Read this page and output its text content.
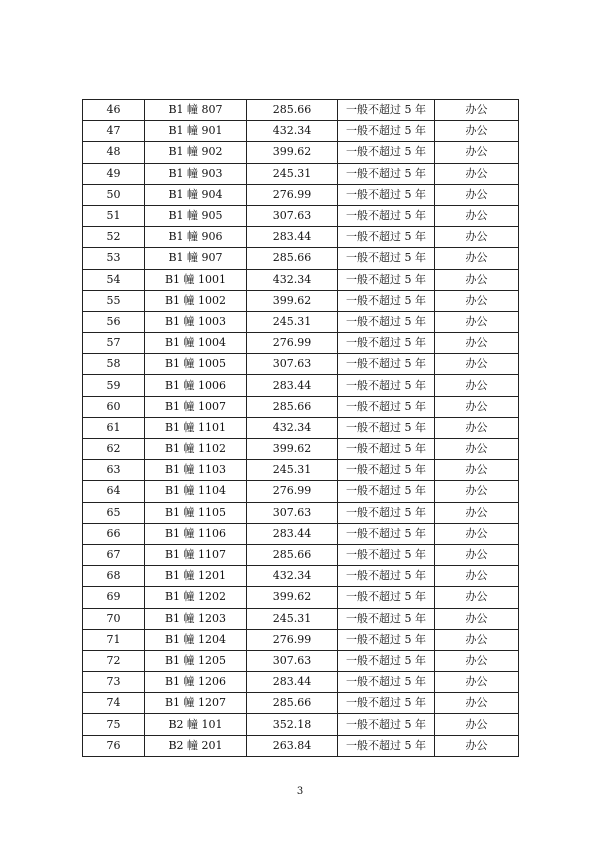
46	B1 幢 807	285.66	一般不超过 5 年	办公
47	B1 幢 901	432.34	一般不超过 5 年	办公
48	B1 幢 902	399.62	一般不超过 5 年	办公
49	B1 幢 903	245.31	一般不超过 5 年	办公
50	B1 幢 904	276.99	一般不超过 5 年	办公
51	B1 幢 905	307.63	一般不超过 5 年	办公
52	B1 幢 906	283.44	一般不超过 5 年	办公
53	B1 幢 907	285.66	一般不超过 5 年	办公
54	B1 幢 1001	432.34	一般不超过 5 年	办公
55	B1 幢 1002	399.62	一般不超过 5 年	办公
56	B1 幢 1003	245.31	一般不超过 5 年	办公
57	B1 幢 1004	276.99	一般不超过 5 年	办公
58	B1 幢 1005	307.63	一般不超过 5 年	办公
59	B1 幢 1006	283.44	一般不超过 5 年	办公
60	B1 幢 1007	285.66	一般不超过 5 年	办公
61	B1 幢 1101	432.34	一般不超过 5 年	办公
62	B1 幢 1102	399.62	一般不超过 5 年	办公
63	B1 幢 1103	245.31	一般不超过 5 年	办公
64	B1 幢 1104	276.99	一般不超过 5 年	办公
65	B1 幢 1105	307.63	一般不超过 5 年	办公
66	B1 幢 1106	283.44	一般不超过 5 年	办公
67	B1 幢 1107	285.66	一般不超过 5 年	办公
68	B1 幢 1201	432.34	一般不超过 5 年	办公
69	B1 幢 1202	399.62	一般不超过 5 年	办公
70	B1 幢 1203	245.31	一般不超过 5 年	办公
71	B1 幢 1204	276.99	一般不超过 5 年	办公
72	B1 幢 1205	307.63	一般不超过 5 年	办公
73	B1 幢 1206	283.44	一般不超过 5 年	办公
74	B1 幢 1207	285.66	一般不超过 5 年	办公
75	B2 幢 101	352.18	一般不超过 5 年	办公
76	B2 幢 201	263.84	一般不超过 5 年	办公
3
